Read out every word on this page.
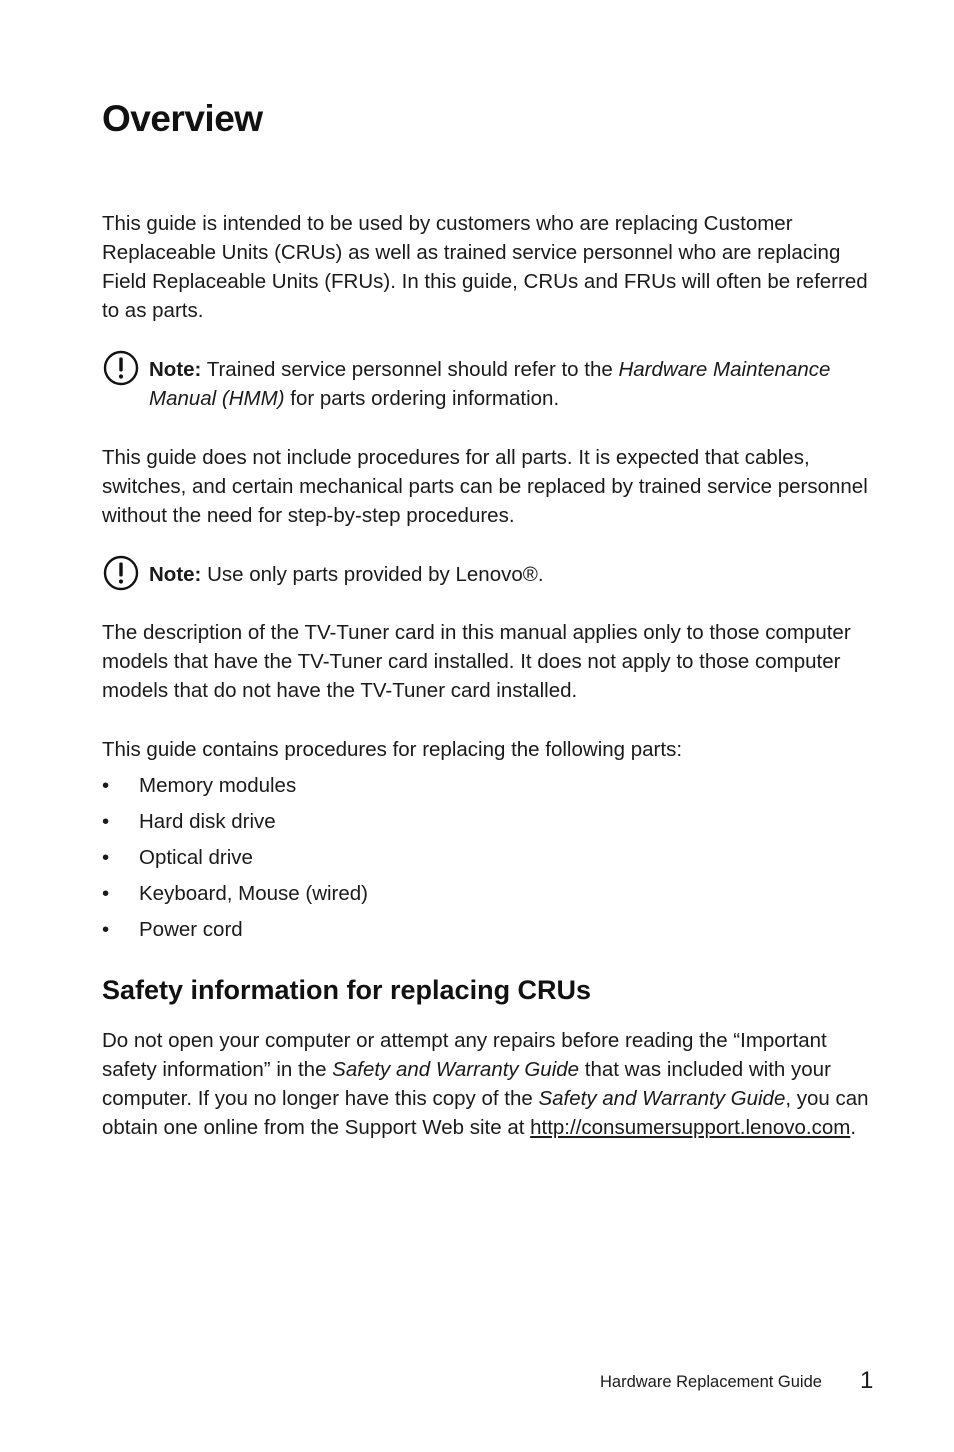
Overview

This guide is intended to be used by customers who are replacing Customer Replaceable Units (CRUs) as well as trained service personnel who are replacing Field Replaceable Units (FRUs). In this guide, CRUs and FRUs will often be referred to as parts.

Note: Trained service personnel should refer to the Hardware Maintenance Manual (HMM) for parts ordering information.

This guide does not include procedures for all parts. It is expected that cables, switches, and certain mechanical parts can be replaced by trained service personnel without the need for step-by-step procedures.

Note: Use only parts provided by Lenovo®.

The description of the TV-Tuner card in this manual applies only to those computer models that have the TV-Tuner card installed. It does not apply to those computer models that do not have the TV-Tuner card installed.

This guide contains procedures for replacing the following parts:

• Memory modules
• Hard disk drive
• Optical drive
• Keyboard, Mouse (wired)
• Power cord
Safety information for replacing CRUs

Do not open your computer or attempt any repairs before reading the “Important safety information” in the Safety and Warranty Guide that was included with your computer. If you no longer have this copy of the Safety and Warranty Guide, you can obtain one online from the Support Web site at http://consumersupport.lenovo.com.

Hardware Replacement Guide 1
